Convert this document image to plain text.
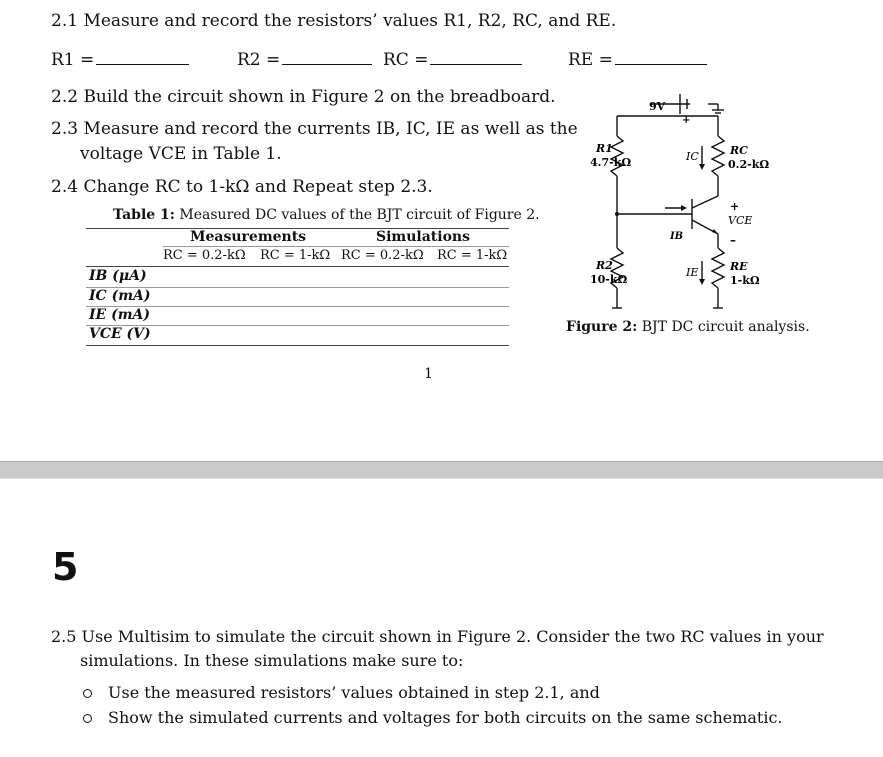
2.1 Measure and record the resistors’ values R1, R2, RC, and RE.
R1 =	R2 =	RC =	RE =
2.2 Build the circuit shown in Figure 2 on the breadboard.
2.3 Measure and record the currents IB, IC, IE as well as the
voltage VCE in Table 1.
2.4 Change RC to 1-kΩ and Repeat step 2.3.
Table 1: Measured DC values of the BJT circuit of Figure 2.
Measurements	Simulations
RC = 0.2-kΩ RC = 1-kΩ RC = 0.2-kΩ RC = 1-kΩ
IB (μA)
IC (mA)
IE (mA)
VCE (V)
9V
+
R1
4.7-kΩ
R2
10-kΩ
RC
0.2-kΩ
RE
1-kΩ
IC
IE
IB
+
VCE
–
Figure 2: BJT DC circuit analysis.
1
5
2.5 Use Multisim to simulate the circuit shown in Figure 2. Consider the two RC values in your
simulations. In these simulations make sure to:
Use the measured resistors’ values obtained in step 2.1, and
Show the simulated currents and voltages for both circuits on the same schematic.
